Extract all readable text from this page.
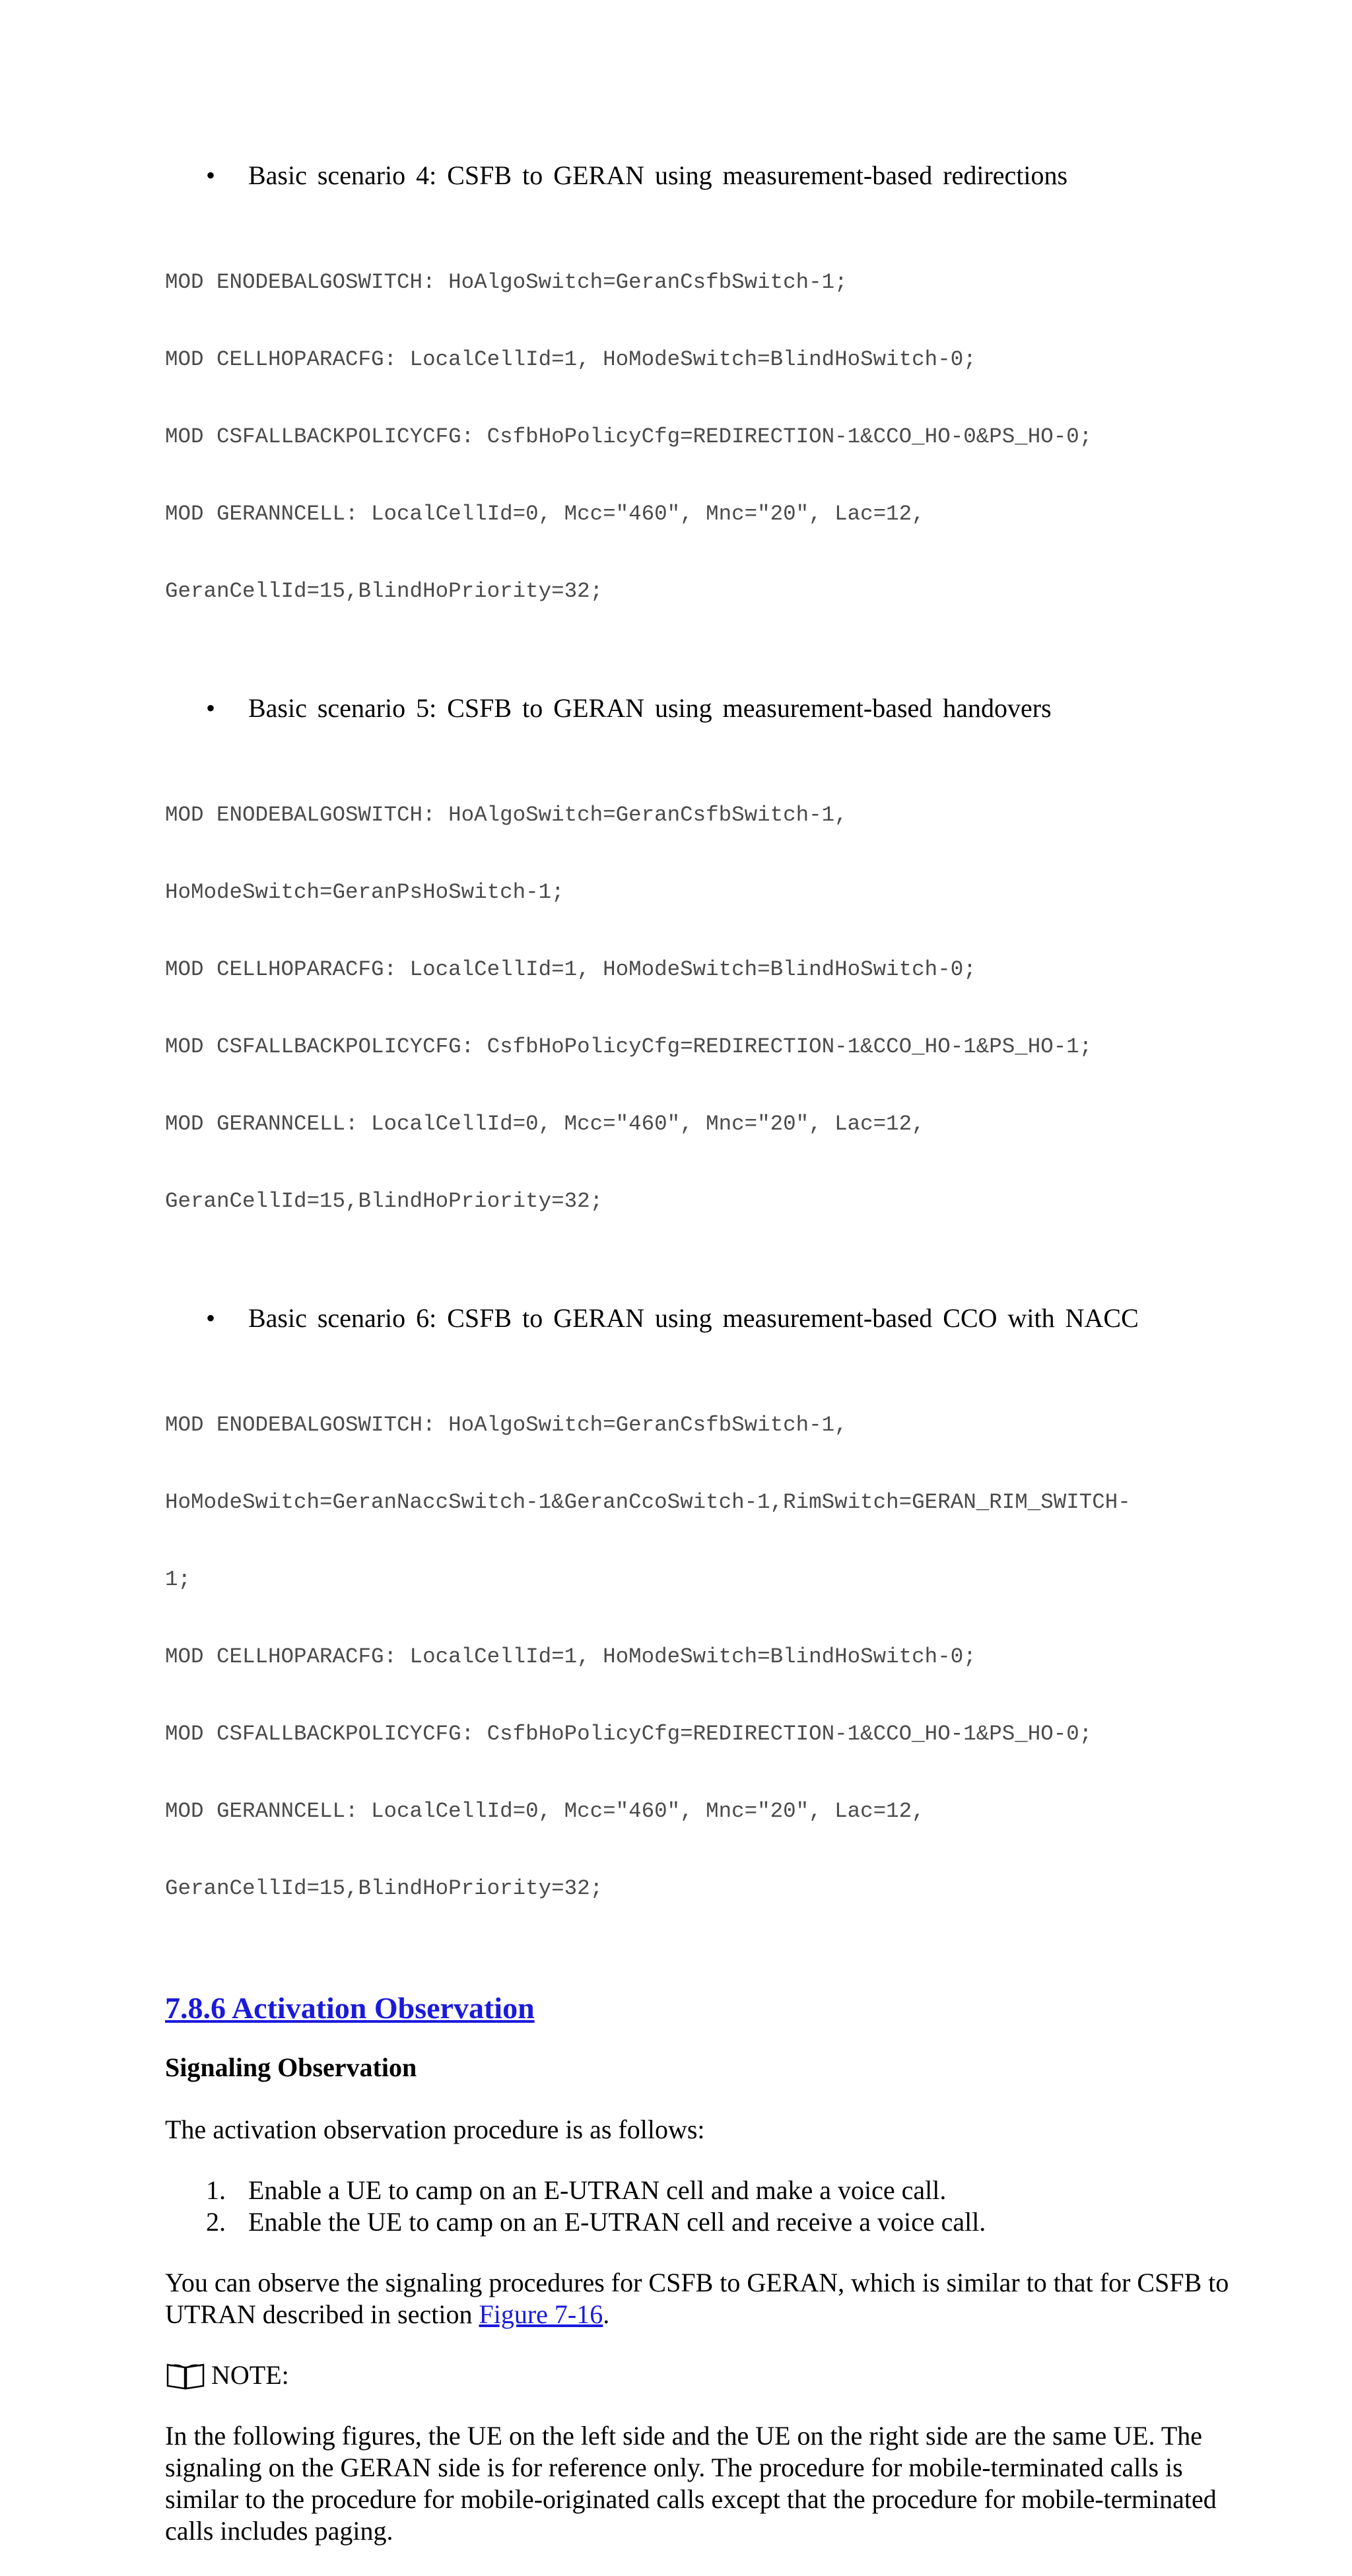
• Basic scenario 4: CSFB to GERAN using measurement-based redirections

MOD ENODEBALGOSWITCH: HoAlgoSwitch=GeranCsfbSwitch-1;

MOD CELLHOPARACFG: LocalCellId=1, HoModeSwitch=BlindHoSwitch-0;

MOD CSFALLBACKPOLICYCFG: CsfbHoPolicyCfg=REDIRECTION-1&CCO_HO-0&PS_HO-0;

MOD GERANNCELL: LocalCellId=0, Mcc="460", Mnc="20", Lac=12,

GeranCellId=15,BlindHoPriority=32;

• Basic scenario 5: CSFB to GERAN using measurement-based handovers

MOD ENODEBALGOSWITCH: HoAlgoSwitch=GeranCsfbSwitch-1,

HoModeSwitch=GeranPsHoSwitch-1;

MOD CELLHOPARACFG: LocalCellId=1, HoModeSwitch=BlindHoSwitch-0;

MOD CSFALLBACKPOLICYCFG: CsfbHoPolicyCfg=REDIRECTION-1&CCO_HO-1&PS_HO-1;

MOD GERANNCELL: LocalCellId=0, Mcc="460", Mnc="20", Lac=12,

GeranCellId=15,BlindHoPriority=32;

• Basic scenario 6: CSFB to GERAN using measurement-based CCO with NACC

MOD ENODEBALGOSWITCH: HoAlgoSwitch=GeranCsfbSwitch-1,

HoModeSwitch=GeranNaccSwitch-1&GeranCcoSwitch-1,RimSwitch=GERAN_RIM_SWITCH-

1;

MOD CELLHOPARACFG: LocalCellId=1, HoModeSwitch=BlindHoSwitch-0;

MOD CSFALLBACKPOLICYCFG: CsfbHoPolicyCfg=REDIRECTION-1&CCO_HO-1&PS_HO-0;

MOD GERANNCELL: LocalCellId=0, Mcc="460", Mnc="20", Lac=12,

GeranCellId=15,BlindHoPriority=32;

7.8.6 Activation Observation
Signaling Observation
The activation observation procedure is as follows:
1. Enable a UE to camp on an E-UTRAN cell and make a voice call.
2. Enable the UE to camp on an E-UTRAN cell and receive a voice call.
You can observe the signaling procedures for CSFB to GERAN, which is similar to that for CSFB to UTRAN described in section Figure 7-16.
NOTE:
In the following figures, the UE on the left side and the UE on the right side are the same UE. The signaling on the GERAN side is for reference only. The procedure for mobile-terminated calls is similar to the procedure for mobile-originated calls except that the procedure for mobile-terminated calls includes paging.
